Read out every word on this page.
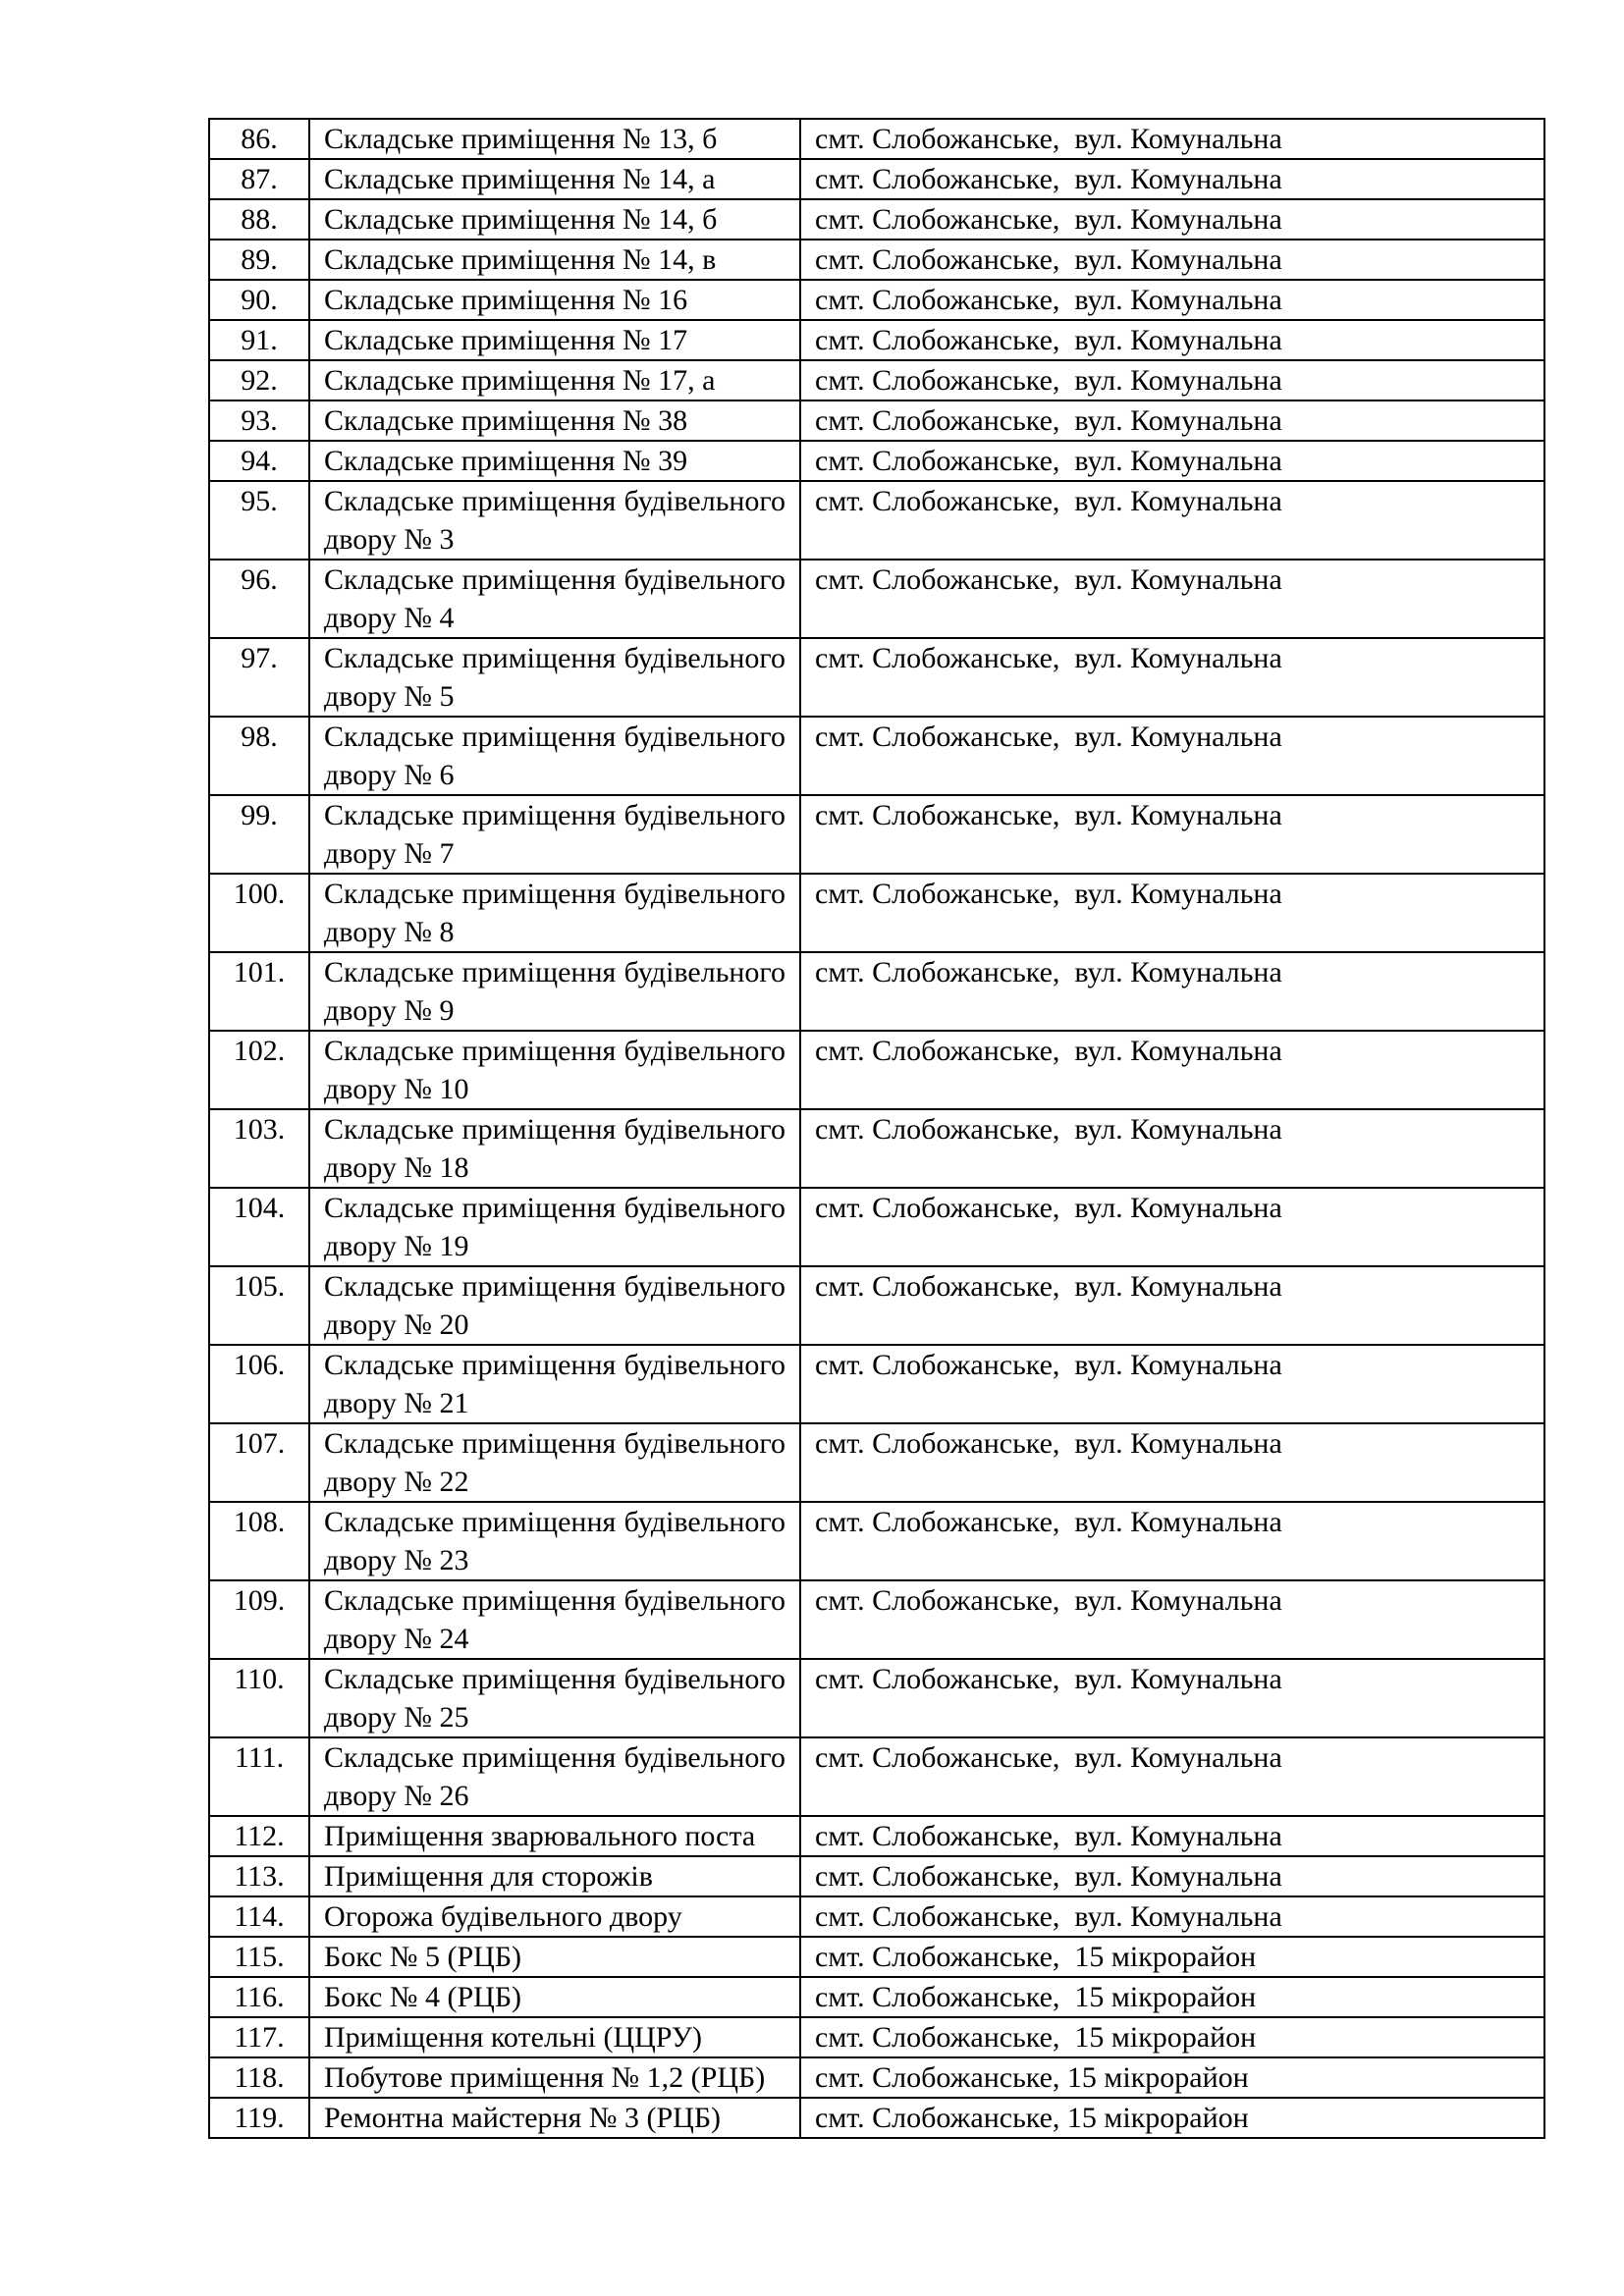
86.	Складське приміщення № 13, б	смт. Слобожанське,  вул. Комунальна
87.	Складське приміщення № 14, а	смт. Слобожанське,  вул. Комунальна
88.	Складське приміщення № 14, б	смт. Слобожанське,  вул. Комунальна
89.	Складське приміщення № 14, в	смт. Слобожанське,  вул. Комунальна
90.	Складське приміщення № 16	смт. Слобожанське,  вул. Комунальна
91.	Складське приміщення № 17	смт. Слобожанське,  вул. Комунальна
92.	Складське приміщення № 17, а	смт. Слобожанське,  вул. Комунальна
93.	Складське приміщення № 38	смт. Слобожанське,  вул. Комунальна
94.	Складське приміщення № 39	смт. Слобожанське,  вул. Комунальна
95.	Складське приміщення будівельного двору № 3	смт. Слобожанське,  вул. Комунальна
96.	Складське приміщення будівельного двору № 4	смт. Слобожанське,  вул. Комунальна
97.	Складське приміщення будівельного двору № 5	смт. Слобожанське,  вул. Комунальна
98.	Складське приміщення будівельного двору № 6	смт. Слобожанське,  вул. Комунальна
99.	Складське приміщення будівельного двору № 7	смт. Слобожанське,  вул. Комунальна
100.	Складське приміщення будівельного двору № 8	смт. Слобожанське,  вул. Комунальна
101.	Складське приміщення будівельного двору № 9	смт. Слобожанське,  вул. Комунальна
102.	Складське приміщення будівельного двору № 10	смт. Слобожанське,  вул. Комунальна
103.	Складське приміщення будівельного двору № 18	смт. Слобожанське,  вул. Комунальна
104.	Складське приміщення будівельного двору № 19	смт. Слобожанське,  вул. Комунальна
105.	Складське приміщення будівельного двору № 20	смт. Слобожанське,  вул. Комунальна
106.	Складське приміщення будівельного двору № 21	смт. Слобожанське,  вул. Комунальна
107.	Складське приміщення будівельного двору № 22	смт. Слобожанське,  вул. Комунальна
108.	Складське приміщення будівельного двору № 23	смт. Слобожанське,  вул. Комунальна
109.	Складське приміщення будівельного двору № 24	смт. Слобожанське,  вул. Комунальна
110.	Складське приміщення будівельного двору № 25	смт. Слобожанське,  вул. Комунальна
111.	Складське приміщення будівельного двору № 26	смт. Слобожанське,  вул. Комунальна
112.	Приміщення зварювального поста	смт. Слобожанське,  вул. Комунальна
113.	Приміщення для сторожів	смт. Слобожанське,  вул. Комунальна
114.	Огорожа будівельного двору	смт. Слобожанське,  вул. Комунальна
115.	Бокс № 5 (РЦБ)	смт. Слобожанське,  15 мікрорайон
116.	Бокс № 4 (РЦБ)	смт. Слобожанське,  15 мікрорайон
117.	Приміщення котельні (ЦЦРУ)	смт. Слобожанське,  15 мікрорайон
118.	Побутове приміщення № 1,2 (РЦБ)	смт. Слобожанське, 15 мікрорайон
119.	Ремонтна майстерня № 3 (РЦБ)	смт. Слобожанське, 15 мікрорайон
